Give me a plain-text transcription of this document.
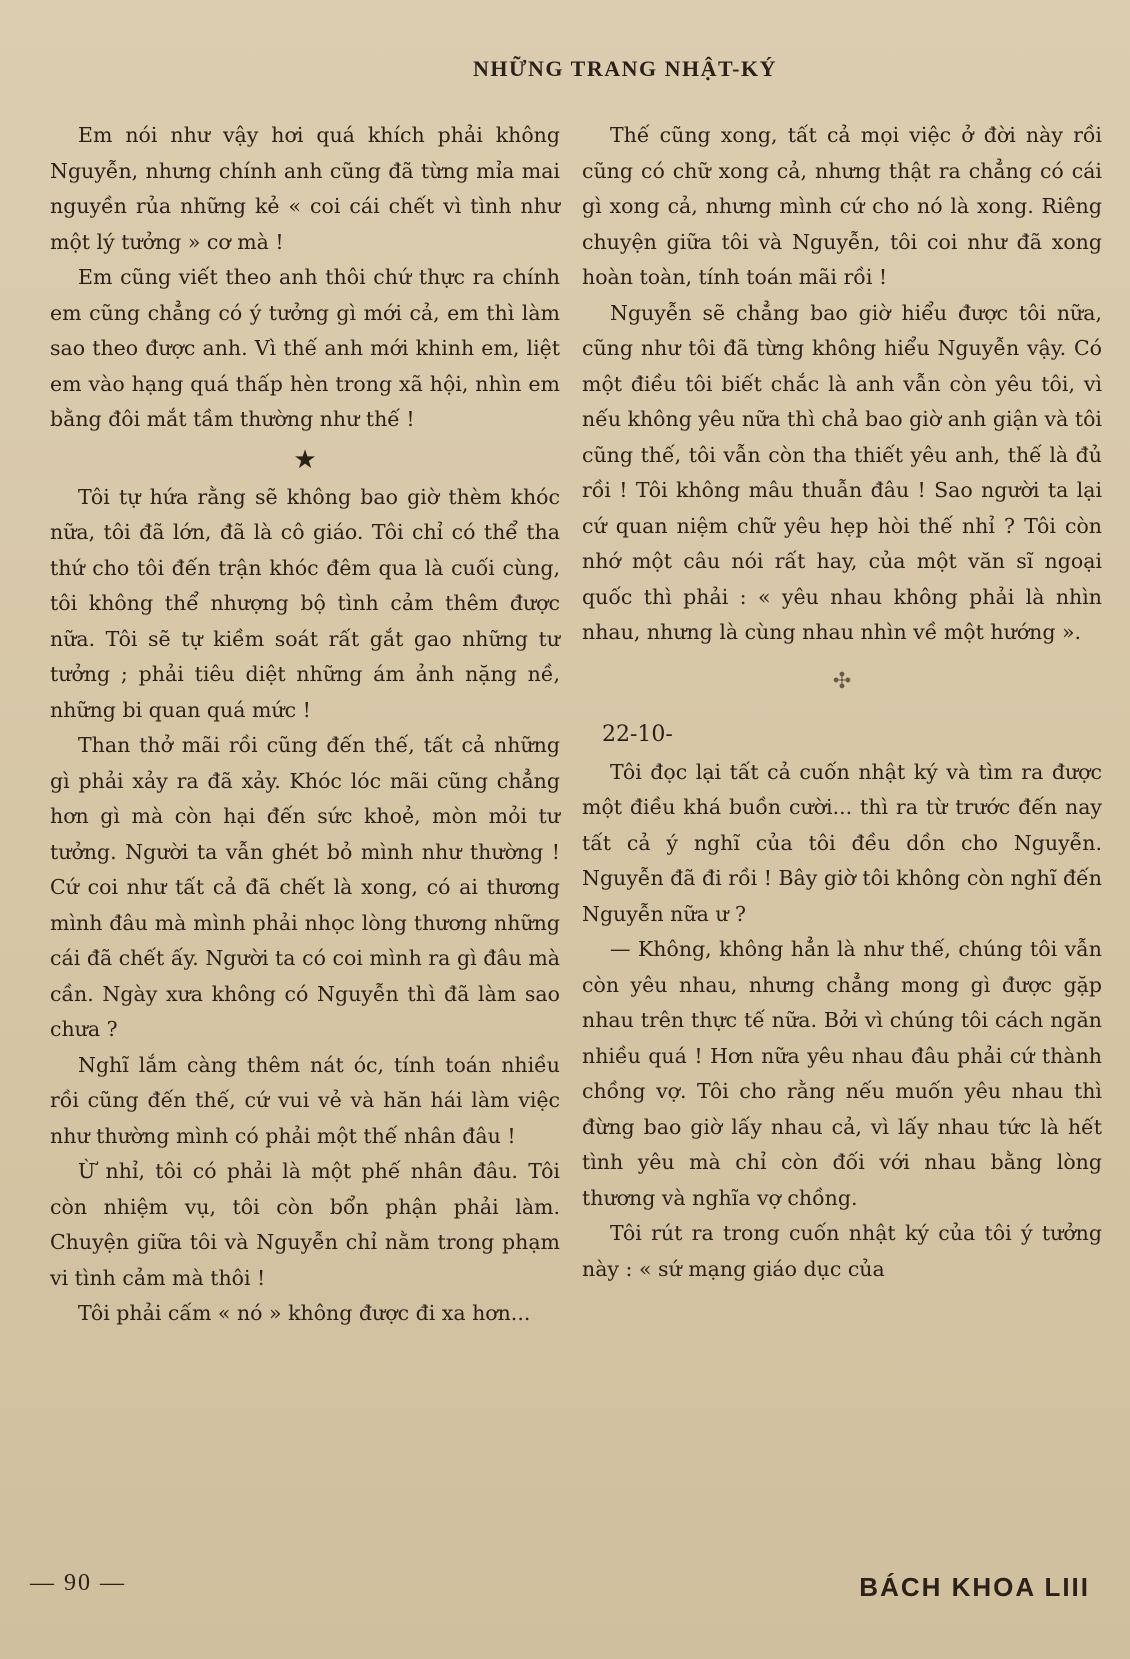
NHỮNG TRANG NHẬT-KÝ

Em nói như vậy hơi quá khích phải không Nguyễn, nhưng chính anh cũng đã từng mỉa mai nguyền rủa những kẻ « coi cái chết vì tình như một lý tưởng » cơ mà !

Em cũng viết theo anh thôi chứ thực ra chính em cũng chẳng có ý tưởng gì mới cả, em thì làm sao theo được anh. Vì thế anh mới khinh em, liệt em vào hạng quá thấp hèn trong xã hội, nhìn em bằng đôi mắt tầm thường như thế !

★

Tôi tự hứa rằng sẽ không bao giờ thèm khóc nữa, tôi đã lớn, đã là cô giáo. Tôi chỉ có thể tha thứ cho tôi đến trận khóc đêm qua là cuối cùng, tôi không thể nhượng bộ tình cảm thêm được nữa. Tôi sẽ tự kiềm soát rất gắt gao những tư tưởng ; phải tiêu diệt những ám ảnh nặng nề, những bi quan quá mức !

Than thở mãi rồi cũng đến thế, tất cả những gì phải xảy ra đã xảy. Khóc lóc mãi cũng chẳng hơn gì mà còn hại đến sức khoẻ, mòn mỏi tư tưởng. Người ta vẫn ghét bỏ mình như thường ! Cứ coi như tất cả đã chết là xong, có ai thương mình đâu mà mình phải nhọc lòng thương những cái đã chết ấy. Người ta có coi mình ra gì đâu mà cần. Ngày xưa không có Nguyễn thì đã làm sao chưa ?

Nghĩ lắm càng thêm nát óc, tính toán nhiều rồi cũng đến thế, cứ vui vẻ và hăn hái làm việc như thường mình có phải một thế nhân đâu !

Ừ nhỉ, tôi có phải là một phế nhân đâu. Tôi còn nhiệm vụ, tôi còn bổn phận phải làm. Chuyện giữa tôi và Nguyễn chỉ nằm trong phạm vi tình cảm mà thôi !

Tôi phải cấm « nó » không được đi xa hơn...

Thế cũng xong, tất cả mọi việc ở đời này rồi cũng có chữ xong cả, nhưng thật ra chẳng có cái gì xong cả, nhưng mình cứ cho nó là xong. Riêng chuyện giữa tôi và Nguyễn, tôi coi như đã xong hoàn toàn, tính toán mãi rồi !

Nguyễn sẽ chẳng bao giờ hiểu được tôi nữa, cũng như tôi đã từng không hiểu Nguyễn vậy. Có một điều tôi biết chắc là anh vẫn còn yêu tôi, vì nếu không yêu nữa thì chả bao giờ anh giận và tôi cũng thế, tôi vẫn còn tha thiết yêu anh, thế là đủ rồi ! Tôi không mâu thuẫn đâu ! Sao người ta lại cứ quan niệm chữ yêu hẹp hòi thế nhỉ ? Tôi còn nhớ một câu nói rất hay, của một văn sĩ ngoại quốc thì phải : « yêu nhau không phải là nhìn nhau, nhưng là cùng nhau nhìn về một hướng ».

✣
22-10-

Tôi đọc lại tất cả cuốn nhật ký và tìm ra được một điều khá buồn cười... thì ra từ trước đến nay tất cả ý nghĩ của tôi đều dồn cho Nguyễn. Nguyễn đã đi rồi ! Bây giờ tôi không còn nghĩ đến Nguyễn nữa ư ?

— Không, không hẳn là như thế, chúng tôi vẫn còn yêu nhau, nhưng chẳng mong gì được gặp nhau trên thực tế nữa. Bởi vì chúng tôi cách ngăn nhiều quá ! Hơn nữa yêu nhau đâu phải cứ thành chồng vợ. Tôi cho rằng nếu muốn yêu nhau thì đừng bao giờ lấy nhau cả, vì lấy nhau tức là hết tình yêu mà chỉ còn đối với nhau bằng lòng thương và nghĩa vợ chồng.

Tôi rút ra trong cuốn nhật ký của tôi ý tưởng này : « sứ mạng giáo dục của

— 90 —	BÁCH KHOA LIII
